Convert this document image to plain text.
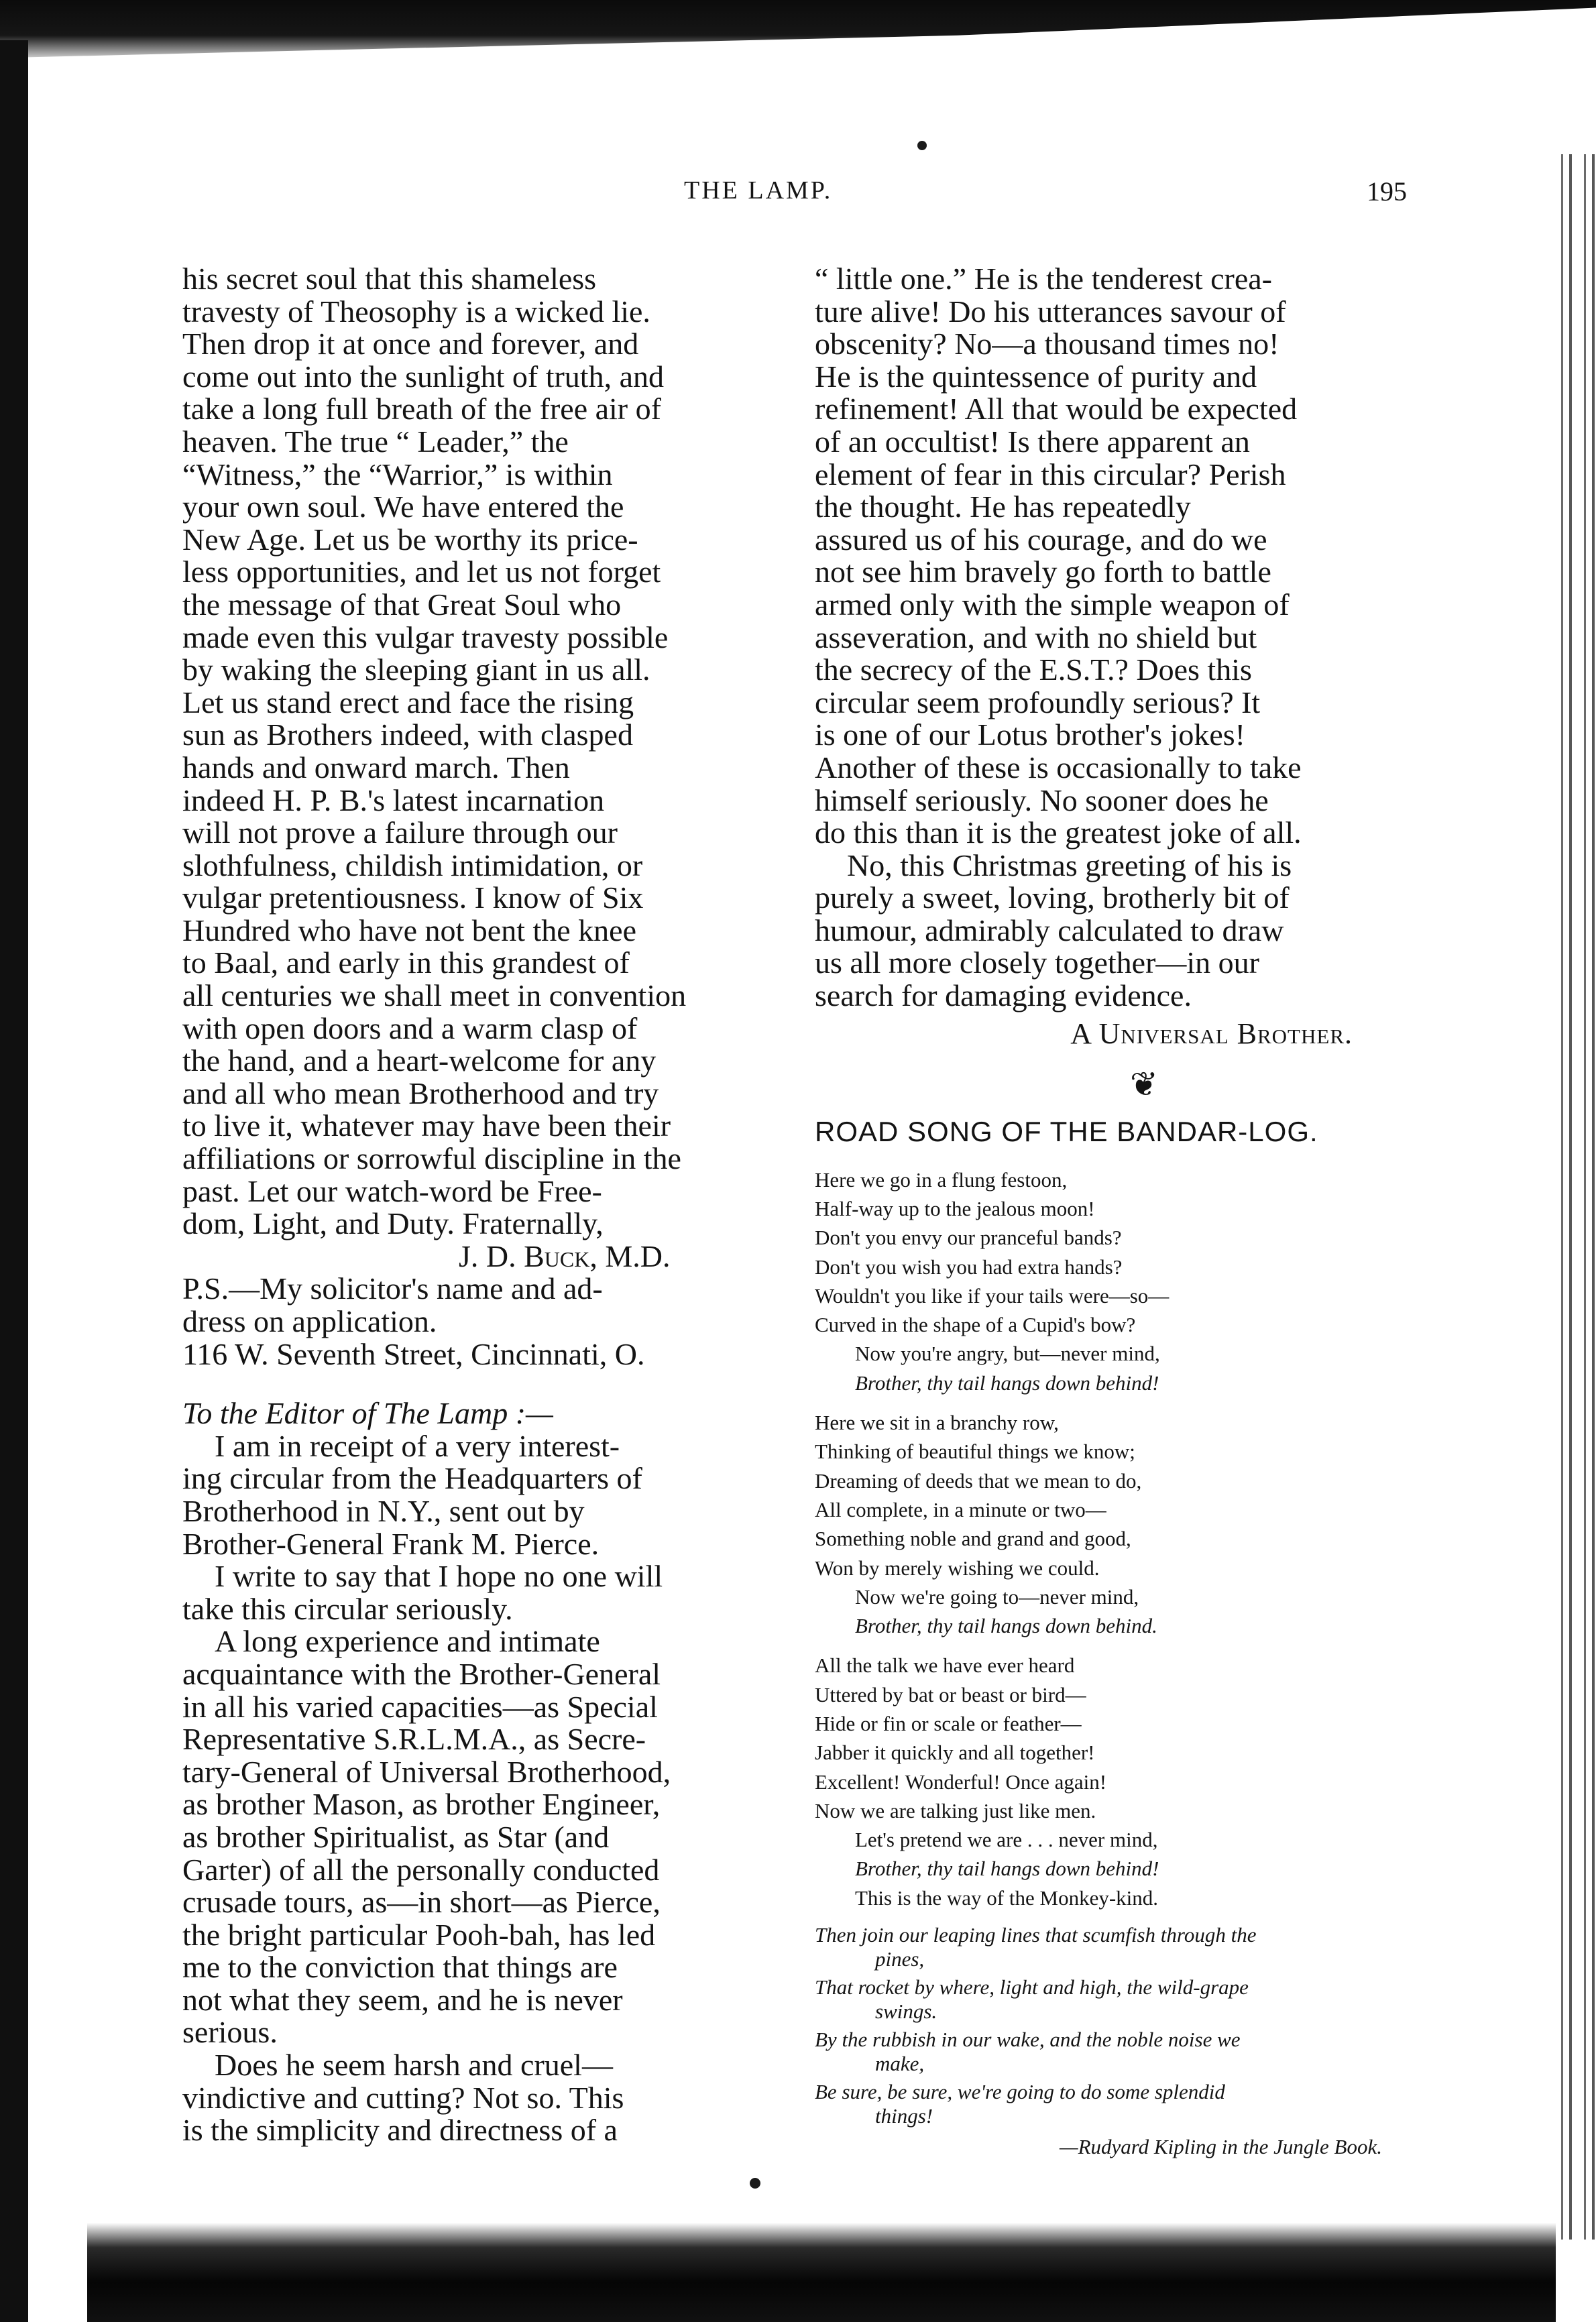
THE LAMP.	195
his secret soul that this shameless
travesty of Theosophy is a wicked lie.
Then drop it at once and forever, and
come out into the sunlight of truth, and
take a long full breath of the free air of
heaven. The true “ Leader,” the
“Witness,” the “Warrior,” is within
your own soul. We have entered the
New Age. Let us be worthy its price-
less opportunities, and let us not forget
the message of that Great Soul who
made even this vulgar travesty possible
by waking the sleeping giant in us all.
Let us stand erect and face the rising
sun as Brothers indeed, with clasped
hands and onward march. Then
indeed H. P. B.'s latest incarnation
will not prove a failure through our
slothfulness, childish intimidation, or
vulgar pretentiousness. I know of Six
Hundred who have not bent the knee
to Baal, and early in this grandest of
all centuries we shall meet in convention
with open doors and a warm clasp of
the hand, and a heart-welcome for any
and all who mean Brotherhood and try
to live it, whatever may have been their
affiliations or sorrowful discipline in the
past. Let our watch-word be Free-
dom, Light, and Duty. Fraternally,
J. D. Buck, M.D.
P.S.—My solicitor's name and ad-
dress on application.
116 W. Seventh Street, Cincinnati, O.
To the Editor of The Lamp :—
I am in receipt of a very interest-
ing circular from the Headquarters of
Brotherhood in N.Y., sent out by
Brother-General Frank M. Pierce.
I write to say that I hope no one will
take this circular seriously.
A long experience and intimate
acquaintance with the Brother-General
in all his varied capacities—as Special
Representative S.R.L.M.A., as Secre-
tary-General of Universal Brotherhood,
as brother Mason, as brother Engineer,
as brother Spiritualist, as Star (and
Garter) of all the personally conducted
crusade tours, as—in short—as Pierce,
the bright particular Pooh-bah, has led
me to the conviction that things are
not what they seem, and he is never
serious.
Does he seem harsh and cruel—
vindictive and cutting? Not so. This
is the simplicity and directness of a
“ little one.” He is the tenderest crea-
ture alive! Do his utterances savour of
obscenity? No—a thousand times no!
He is the quintessence of purity and
refinement! All that would be expected
of an occultist! Is there apparent an
element of fear in this circular? Perish
the thought. He has repeatedly
assured us of his courage, and do we
not see him bravely go forth to battle
armed only with the simple weapon of
asseveration, and with no shield but
the secrecy of the E.S.T.? Does this
circular seem profoundly serious? It
is one of our Lotus brother's jokes!
Another of these is occasionally to take
himself seriously. No sooner does he
do this than it is the greatest joke of all.
No, this Christmas greeting of his is
purely a sweet, loving, brotherly bit of
humour, admirably calculated to draw
us all more closely together—in our
search for damaging evidence.
A Universal Brother.
❦
ROAD SONG OF THE BANDAR-LOG.
Here we go in a flung festoon,
Half-way up to the jealous moon!
Don't you envy our pranceful bands?
Don't you wish you had extra hands?
Wouldn't you like if your tails were—so—
Curved in the shape of a Cupid's bow?
Now you're angry, but—never mind,
Brother, thy tail hangs down behind!
Here we sit in a branchy row,
Thinking of beautiful things we know;
Dreaming of deeds that we mean to do,
All complete, in a minute or two—
Something noble and grand and good,
Won by merely wishing we could.
Now we're going to—never mind,
Brother, thy tail hangs down behind.
All the talk we have ever heard
Uttered by bat or beast or bird—
Hide or fin or scale or feather—
Jabber it quickly and all together!
Excellent! Wonderful! Once again!
Now we are talking just like men.
Let's pretend we are . . . never mind,
Brother, thy tail hangs down behind!
This is the way of the Monkey-kind.
Then join our leaping lines that scumfish through the
pines,
That rocket by where, light and high, the wild-grape
swings.
By the rubbish in our wake, and the noble noise we
make,
Be sure, be sure, we're going to do some splendid
things!
—Rudyard Kipling in the Jungle Book.
